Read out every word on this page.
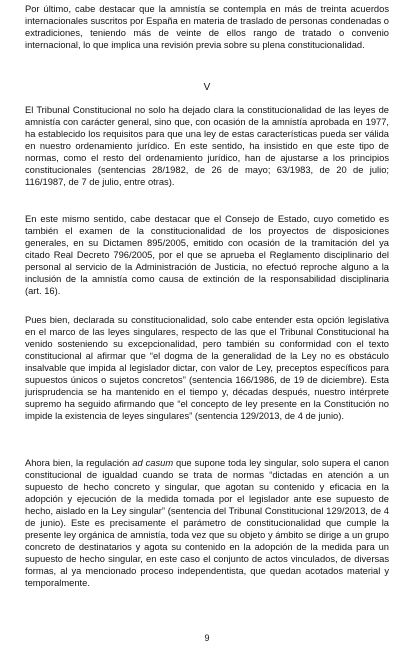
Por último, cabe destacar que la amnistía se contempla en más de treinta acuerdos internacionales suscritos por España en materia de traslado de personas condenadas o extradiciones, teniendo más de veinte de ellos rango de tratado o convenio internacional, lo que implica una revisión previa sobre su plena constitucionalidad.

V

El Tribunal Constitucional no solo ha dejado clara la constitucionalidad de las leyes de amnistía con carácter general, sino que, con ocasión de la amnistía aprobada en 1977, ha establecido los requisitos para que una ley de estas características pueda ser válida en nuestro ordenamiento jurídico. En este sentido, ha insistido en que este tipo de normas, como el resto del ordenamiento jurídico, han de ajustarse a los principios constitucionales (sentencias 28/1982, de 26 de mayo; 63/1983, de 20 de julio; 116/1987, de 7 de julio, entre otras).

En este mismo sentido, cabe destacar que el Consejo de Estado, cuyo cometido es también el examen de la constitucionalidad de los proyectos de disposiciones generales, en su Dictamen 895/2005, emitido con ocasión de la tramitación del ya citado Real Decreto 796/2005, por el que se aprueba el Reglamento disciplinario del personal al servicio de la Administración de Justicia, no efectuó reproche alguno a la inclusión de la amnistía como causa de extinción de la responsabilidad disciplinaria (art. 16).

Pues bien, declarada su constitucionalidad, solo cabe entender esta opción legislativa en el marco de las leyes singulares, respecto de las que el Tribunal Constitucional ha venido sosteniendo su excepcionalidad, pero también su conformidad con el texto constitucional al afirmar que “el dogma de la generalidad de la Ley no es obstáculo insalvable que impida al legislador dictar, con valor de Ley, preceptos específicos para supuestos únicos o sujetos concretos” (sentencia 166/1986, de 19 de diciembre). Esta jurisprudencia se ha mantenido en el tiempo y, décadas después, nuestro intérprete supremo ha seguido afirmando que “el concepto de ley presente en la Constitución no impide la existencia de leyes singulares” (sentencia 129/2013, de 4 de junio).

Ahora bien, la regulación ad casum que supone toda ley singular, solo supera el canon constitucional de igualdad cuando se trata de normas “dictadas en atención a un supuesto de hecho concreto y singular, que agotan su contenido y eficacia en la adopción y ejecución de la medida tomada por el legislador ante ese supuesto de hecho, aislado en la Ley singular” (sentencia del Tribunal Constitucional 129/2013, de 4 de junio). Este es precisamente el parámetro de constitucionalidad que cumple la presente ley orgánica de amnistía, toda vez que su objeto y ámbito se dirige a un grupo concreto de destinatarios y agota su contenido en la adopción de la medida para un supuesto de hecho singular, en este caso el conjunto de actos vinculados, de diversas formas, al ya mencionado proceso independentista, que quedan acotados material y temporalmente.

9
